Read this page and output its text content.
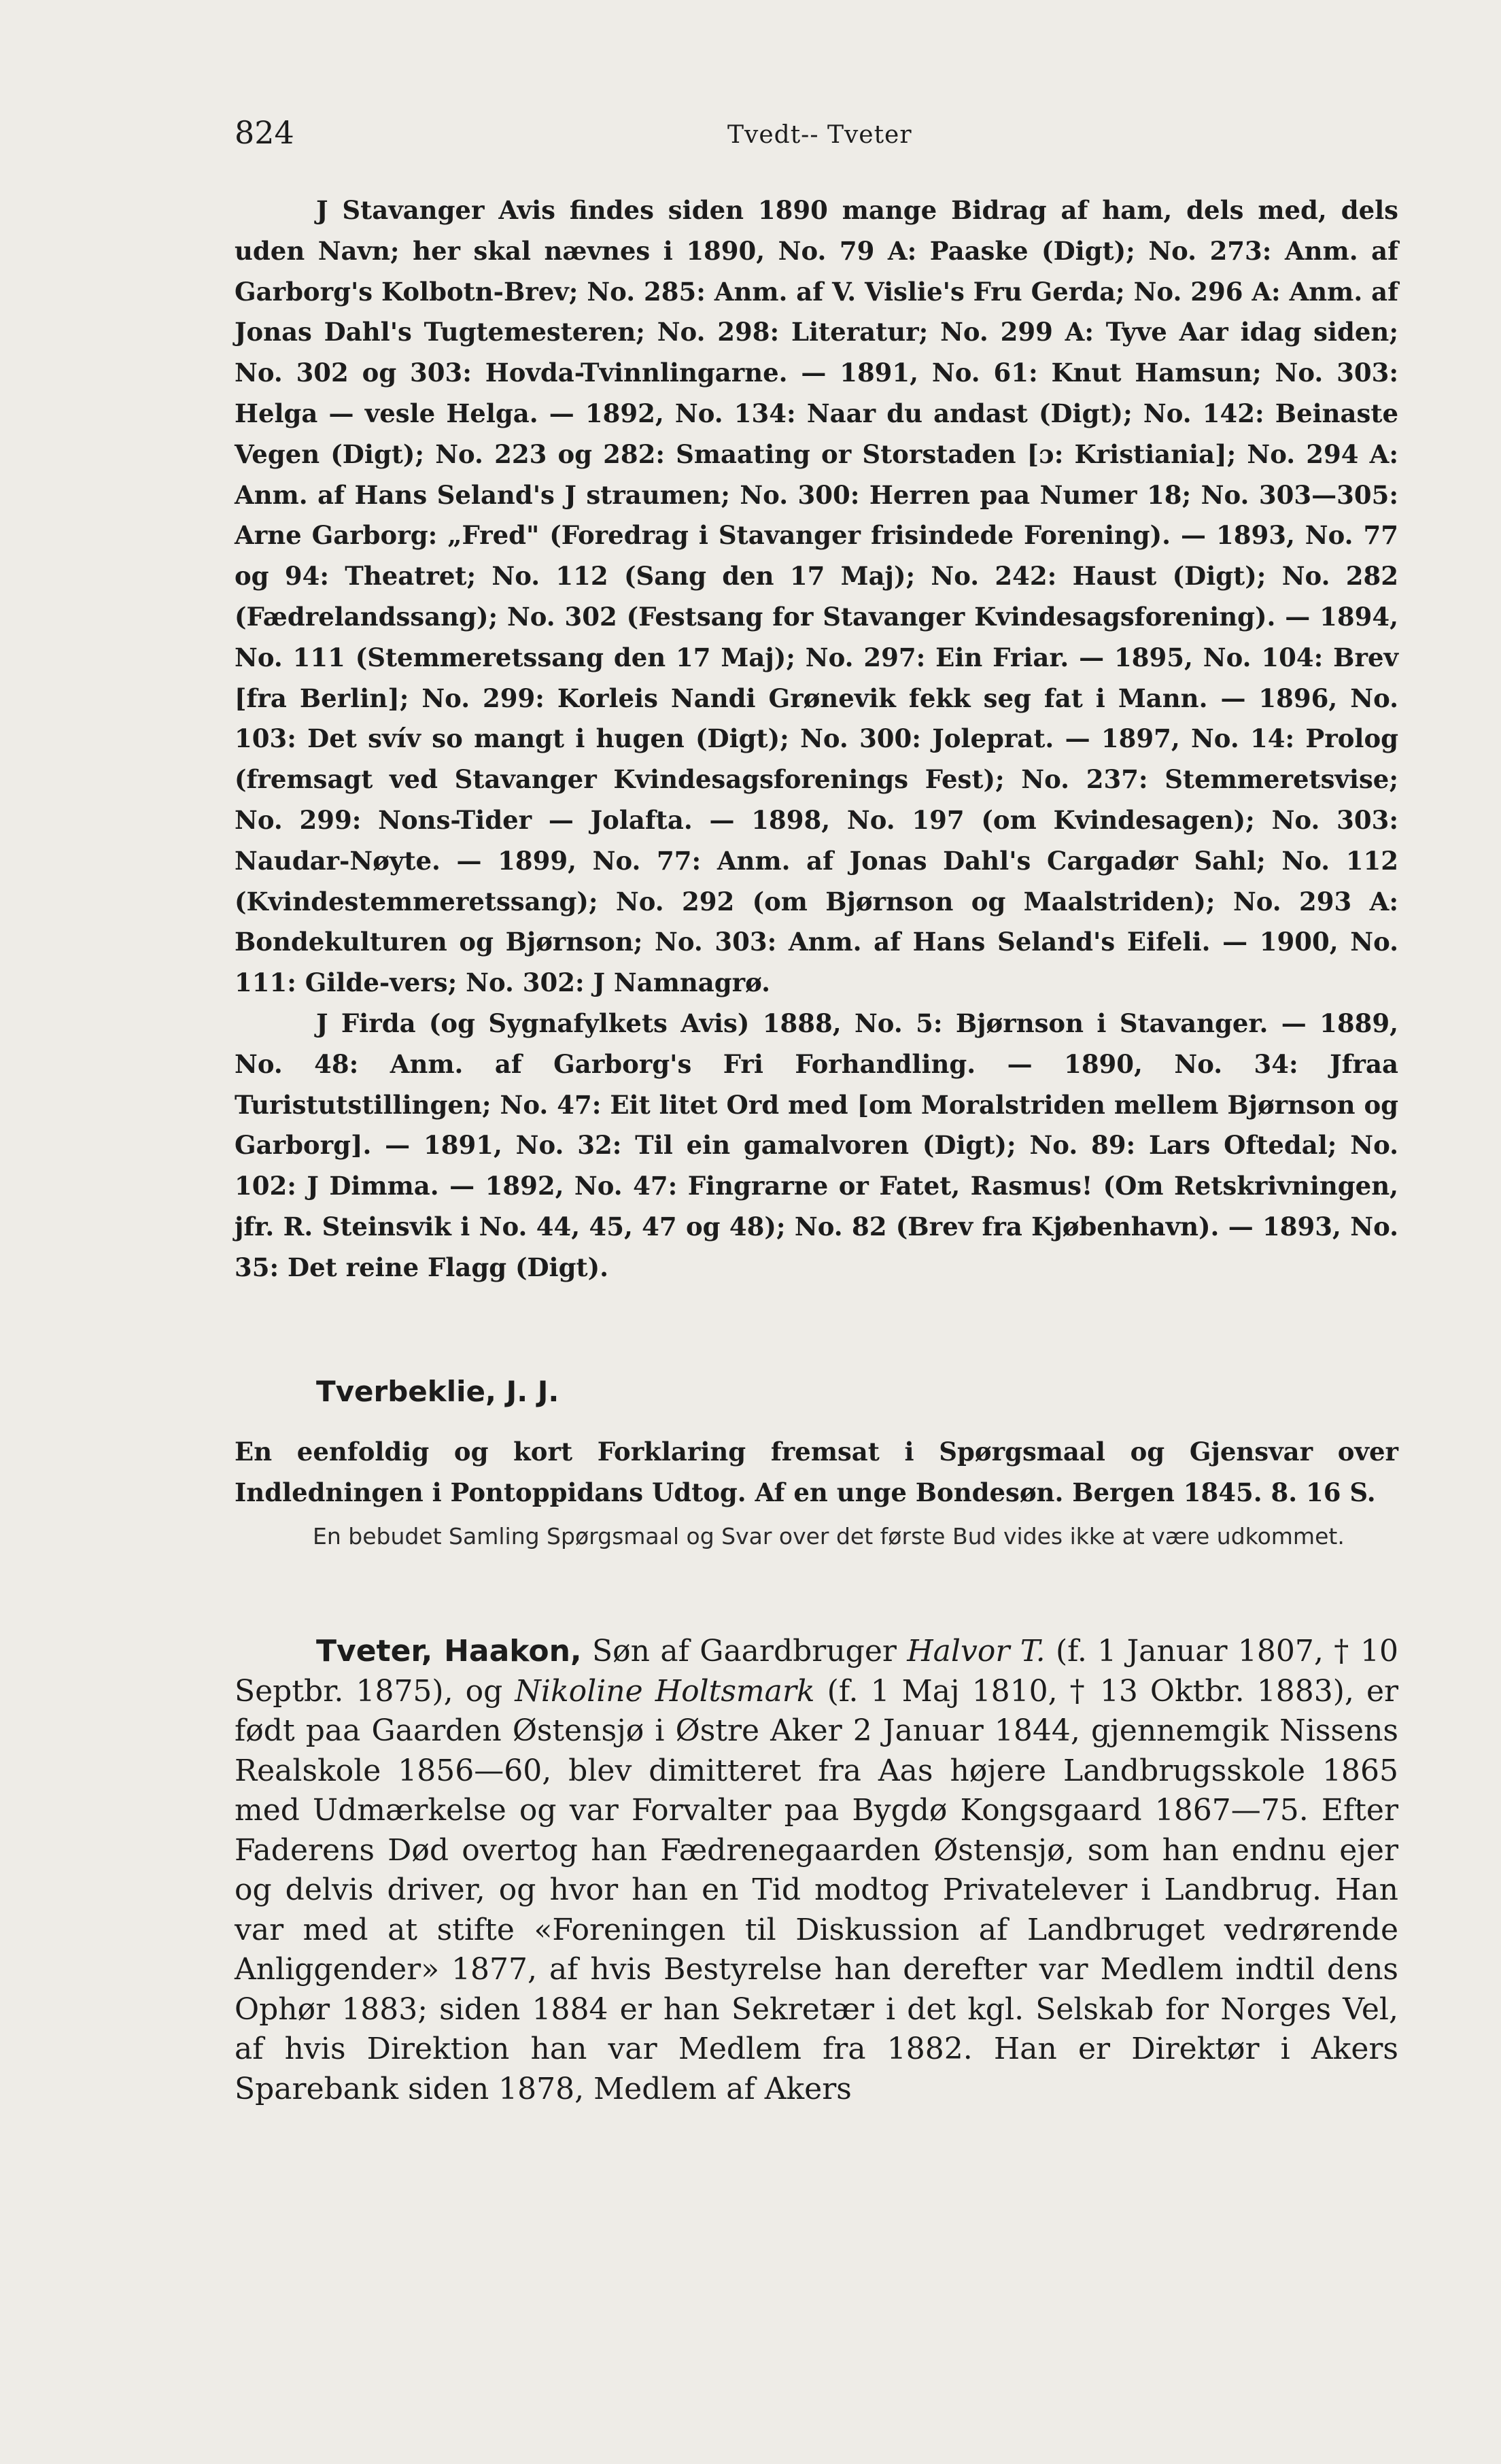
824	Tvedt-- Tveter

J Stavanger Avis findes siden 1890 mange Bidrag af ham, dels med, dels uden Navn; her skal nævnes i 1890, No. 79 A: Paaske (Digt); No. 273: Anm. af Garborg's Kolbotn-Brev; No. 285: Anm. af V. Vislie's Fru Gerda; No. 296 A: Anm. af Jonas Dahl's Tugtemesteren; No. 298: Literatur; No. 299 A: Tyve Aar idag siden; No. 302 og 303: Hovda-Tvinnlingarne. — 1891, No. 61: Knut Hamsun; No. 303: Helga — vesle Helga. — 1892, No. 134: Naar du andast (Digt); No. 142: Beinaste Vegen (Digt); No. 223 og 282: Smaating or Storstaden [ɔ: Kristiania]; No. 294 A: Anm. af Hans Seland's J straumen; No. 300: Herren paa Numer 18; No. 303—305: Arne Garborg: „Fred" (Foredrag i Stavanger frisindede Forening). — 1893, No. 77 og 94: Theatret; No. 112 (Sang den 17 Maj); No. 242: Haust (Digt); No. 282 (Fædrelandssang); No. 302 (Festsang for Stavanger Kvindesagsforening). — 1894, No. 111 (Stemmeretssang den 17 Maj); No. 297: Ein Friar. — 1895, No. 104: Brev [fra Berlin]; No. 299: Korleis Nandi Grønevik fekk seg fat i Mann. — 1896, No. 103: Det svív so mangt i hugen (Digt); No. 300: Joleprat. — 1897, No. 14: Prolog (fremsagt ved Stavanger Kvindesagsforenings Fest); No. 237: Stemmeretsvise; No. 299: Nons-Tider — Jolafta. — 1898, No. 197 (om Kvindesagen); No. 303: Naudar-Nøyte. — 1899, No. 77: Anm. af Jonas Dahl's Cargadør Sahl; No. 112 (Kvindestemmeretssang); No. 292 (om Bjørnson og Maalstriden); No. 293 A: Bondekulturen og Bjørnson; No. 303: Anm. af Hans Seland's Eifeli. — 1900, No. 111: Gilde-vers; No. 302: J Namnagrø.

J Firda (og Sygnafylkets Avis) 1888, No. 5: Bjørnson i Stavanger. — 1889, No. 48: Anm. af Garborg's Fri Forhandling. — 1890, No. 34: Jfraa Turistutstillingen; No. 47: Eit litet Ord med [om Moralstriden mellem Bjørnson og Garborg]. — 1891, No. 32: Til ein gamalvoren (Digt); No. 89: Lars Oftedal; No. 102: J Dimma. — 1892, No. 47: Fingrarne or Fatet, Rasmus! (Om Retskrivningen, jfr. R. Steinsvik i No. 44, 45, 47 og 48); No. 82 (Brev fra Kjøbenhavn). — 1893, No. 35: Det reine Flagg (Digt).

Tverbeklie, J. J.

En eenfoldig og kort Forklaring fremsat i Spørgsmaal og Gjensvar over Indledningen i Pontoppidans Udtog. Af en unge Bondesøn. Bergen 1845. 8. 16 S.

En bebudet Samling Spørgsmaal og Svar over det første Bud vides ikke at være udkommet.

Tveter, Haakon, Søn af Gaardbruger Halvor T. (f. 1 Januar 1807, † 10 Septbr. 1875), og Nikoline Holtsmark (f. 1 Maj 1810, † 13 Oktbr. 1883), er født paa Gaarden Østensjø i Østre Aker 2 Januar 1844, gjennemgik Nissens Realskole 1856—60, blev dimitteret fra Aas højere Landbrugsskole 1865 med Udmærkelse og var Forvalter paa Bygdø Kongsgaard 1867—75. Efter Faderens Død overtog han Fædrenegaarden Østensjø, som han endnu ejer og delvis driver, og hvor han en Tid modtog Privatelever i Landbrug. Han var med at stifte «Foreningen til Diskussion af Landbruget vedrørende Anliggender» 1877, af hvis Bestyrelse han derefter var Medlem indtil dens Ophør 1883; siden 1884 er han Sekretær i det kgl. Selskab for Norges Vel, af hvis Direktion han var Medlem fra 1882. Han er Direktør i Akers Sparebank siden 1878, Medlem af Akers
